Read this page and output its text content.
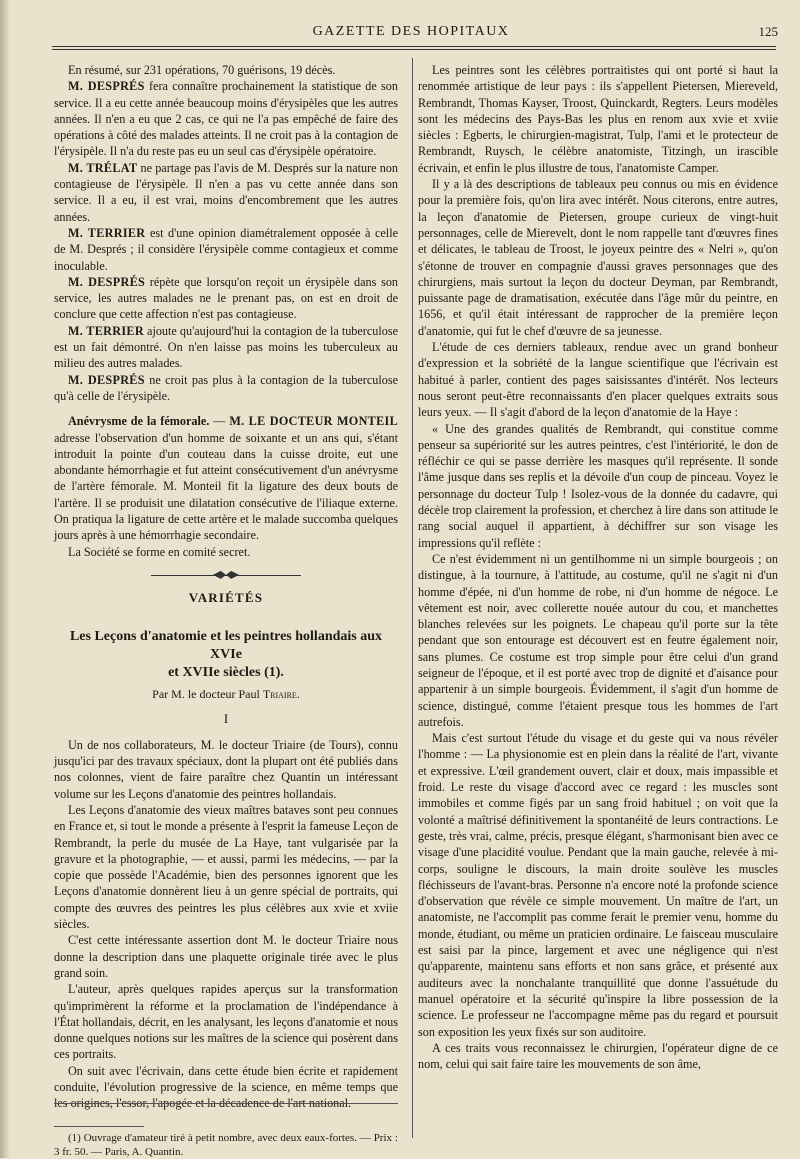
GAZETTE DES HOPITAUX	125

En résumé, sur 231 opérations, 70 guérisons, 19 décès.

M. DESPRÉS fera connaître prochainement la statistique de son service. Il a eu cette année beaucoup moins d'érysipèles que les autres années. Il n'en a eu que 2 cas, ce qui ne l'a pas empêché de faire des opérations à côté des malades atteints. Il ne croit pas à la contagion de l'érysipèle. Il n'a du reste pas eu un seul cas d'érysipèle opératoire.

M. TRÉLAT ne partage pas l'avis de M. Després sur la nature non contagieuse de l'érysipèle. Il n'en a pas vu cette année dans son service. Il a eu, il est vrai, moins d'encombrement que les autres années.

M. TERRIER est d'une opinion diamétralement opposée à celle de M. Després ; il considère l'érysipèle comme contagieux et comme inoculable.

M. DESPRÉS répète que lorsqu'on reçoit un érysipèle dans son service, les autres malades ne le prenant pas, on est en droit de conclure que cette affection n'est pas contagieuse.

M. TERRIER ajoute qu'aujourd'hui la contagion de la tuberculose est un fait démontré. On n'en laisse pas moins les tuberculeux au milieu des autres malades.

M. DESPRÉS ne croit pas plus à la contagion de la tuberculose qu'à celle de l'érysipèle.

Anévrysme de la fémorale. — M. LE DOCTEUR MONTEIL adresse l'observation d'un homme de soixante et un ans qui, s'étant introduit la pointe d'un couteau dans la cuisse droite, eut une abondante hémorrhagie et fut atteint consécutivement d'un anévrysme de l'artère fémorale. M. Monteil fit la ligature des deux bouts de l'artère. Il se produisit une dilatation consécutive de l'iliaque externe. On pratiqua la ligature de cette artère et le malade succomba quelques jours après à une hémorrhagie secondaire.

La Société se forme en comité secret.

VARIÉTÉS
Les Leçons d'anatomie et les peintres hollandais aux XVIe
et XVIIe siècles (1).
Par M. le docteur Paul Triaire.
I

Un de nos collaborateurs, M. le docteur Triaire (de Tours), connu jusqu'ici par des travaux spéciaux, dont la plupart ont été publiés dans nos colonnes, vient de faire paraître chez Quantin un intéressant volume sur les Leçons d'anatomie des peintres hollandais.

Les Leçons d'anatomie des vieux maîtres bataves sont peu connues en France et, si tout le monde a présente à l'esprit la fameuse Leçon de Rembrandt, la perle du musée de La Haye, tant vulgarisée par la gravure et la photographie, — et aussi, parmi les médecins, — par la copie que possède l'Académie, bien des personnes ignorent que les Leçons d'anatomie donnèrent lieu à un genre spécial de portraits, qui compte des œuvres des peintres les plus célèbres aux xvie et xviie siècles.

C'est cette intéressante assertion dont M. le docteur Triaire nous donne la description dans une plaquette originale tirée avec le plus grand soin.

L'auteur, après quelques rapides aperçus sur la transformation qu'imprimèrent la réforme et la proclamation de l'indépendance à l'État hollandais, décrit, en les analysant, les leçons d'anatomie et nous donne quelques notions sur les maîtres de la science qui posèrent dans ces portraits.

On suit avec l'écrivain, dans cette étude bien écrite et rapidement conduite, l'évolution progressive de la science, en même temps que les origines, l'essor, l'apogée et la décadence de l'art national.

(1) Ouvrage d'amateur tiré à petit nombre, avec deux eaux-fortes. — Prix : 3 fr. 50. — Paris, A. Quantin.

Les peintres sont les célèbres portraitistes qui ont porté si haut la renommée artistique de leur pays : ils s'appellent Pietersen, Miereveld, Rembrandt, Thomas Kayser, Troost, Quinckardt, Regters. Leurs modèles sont les médecins des Pays-Bas les plus en renom aux xvie et xviie siècles : Egberts, le chirurgien-magistrat, Tulp, l'ami et le protecteur de Rembrandt, Ruysch, le célèbre anatomiste, Titzingh, un irascible écrivain, et enfin le plus illustre de tous, l'anatomiste Camper.

Il y a là des descriptions de tableaux peu connus ou mis en évidence pour la première fois, qu'on lira avec intérêt. Nous citerons, entre autres, la leçon d'anatomie de Pietersen, groupe curieux de vingt-huit personnages, celle de Mierevelt, dont le nom rappelle tant d'œuvres fines et délicates, le tableau de Troost, le joyeux peintre des « Nelri », qu'on s'étonne de trouver en compagnie d'aussi graves personnages que des chirurgiens, mais surtout la leçon du docteur Deyman, par Rembrandt, puissante page de dramatisation, exécutée dans l'âge mûr du peintre, en 1656, et qu'il était intéressant de rapprocher de la première leçon d'anatomie, qui fut le chef d'œuvre de sa jeunesse.

L'étude de ces derniers tableaux, rendue avec un grand bonheur d'expression et la sobriété de la langue scientifique que l'écrivain est habitué à parler, contient des pages saisissantes d'intérêt. Nos lecteurs nous seront peut-être reconnaissants d'en placer quelques extraits sous leurs yeux. — Il s'agit d'abord de la leçon d'anatomie de la Haye :

« Une des grandes qualités de Rembrandt, qui constitue comme penseur sa supériorité sur les autres peintres, c'est l'intériorité, le don de réfléchir ce qui se passe derrière les masques qu'il représente. Il sonde l'âme jusque dans ses replis et la dévoile d'un coup de pinceau. Voyez le personnage du docteur Tulp ! Isolez-vous de la donnée du cadavre, qui décèle trop clairement la profession, et cherchez à lire dans son attitude le rang social auquel il appartient, à déchiffrer sur son visage les impressions qu'il reflète :

Ce n'est évidemment ni un gentilhomme ni un simple bourgeois ; on distingue, à la tournure, à l'attitude, au costume, qu'il ne s'agit ni d'un homme d'épée, ni d'un homme de robe, ni d'un homme de négoce. Le vêtement est noir, avec collerette nouée autour du cou, et manchettes blanches relevées sur les poignets. Le chapeau qu'il porte sur la tête pendant que son entourage est découvert est en feutre également noir, sans plumes. Ce costume est trop simple pour être celui d'un grand seigneur de l'époque, et il est porté avec trop de dignité et d'aisance pour appartenir à un simple bourgeois. Évidemment, il s'agit d'un homme de science, distingué, comme l'étaient presque tous les hommes de l'art autrefois.

Mais c'est surtout l'étude du visage et du geste qui va nous révéler l'homme : — La physionomie est en plein dans la réalité de l'art, vivante et expressive. L'œil grandement ouvert, clair et doux, mais impassible et froid. Le reste du visage d'accord avec ce regard : les muscles sont immobiles et comme figés par un sang froid habituel ; on voit que la volonté a maîtrisé définitivement la spontanéité de leurs contractions. Le geste, très vrai, calme, précis, presque élégant, s'harmonisant bien avec ce visage d'une placidité voulue. Pendant que la main gauche, relevée à mi-corps, souligne le discours, la main droite soulève les muscles fléchisseurs de l'avant-bras. Personne n'a encore noté la profonde science d'observation que révèle ce simple mouvement. Un maître de l'art, un anatomiste, ne l'accomplit pas comme ferait le premier venu, homme du monde, étudiant, ou même un praticien ordinaire. Le faisceau musculaire est saisi par la pince, largement et avec une négligence qui n'est qu'apparente, maintenu sans efforts et non sans grâce, et présenté aux auditeurs avec la nonchalante tranquillité que donne l'assuétude du manuel opératoire et la sécurité qu'inspire la libre possession de la science. Le professeur ne l'accompagne même pas du regard et poursuit son exposition les yeux fixés sur son auditoire.

A ces traits vous reconnaissez le chirurgien, l'opérateur digne de ce nom, celui qui sait faire taire les mouvements de son âme,
